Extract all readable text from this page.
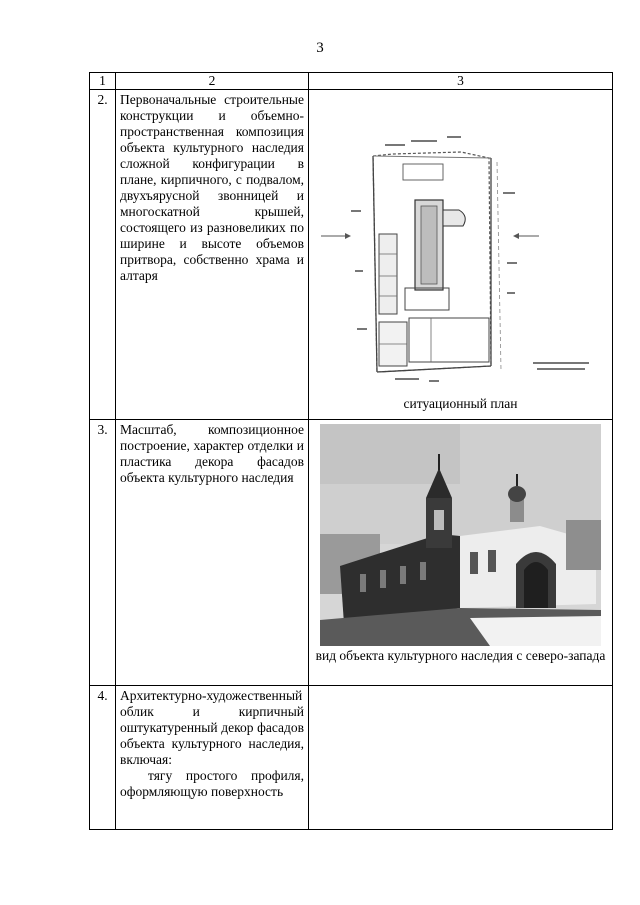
3
1	2	3
2.	Первоначальные строительные конструкции и объемно-пространственная композиция объекта культурного наследия сложной конфигурации в плане, кирпичного, с подвалом, двухъярусной звонницей и многоскатной крышей, состоящего из разновеликих по ширине и высоте объемов притвора, собственно храма и алтаря	ситуационный план

3.	Масштаб, композиционное построение, характер отделки и пластика декора фасадов объекта культурного наследия	вид объекта культурного наследия с северо-запада

4.	Архитектурно-художественный облик и кирпичный оштукатуренный декор фасадов объекта культурного наследия, включая:

тягу простого профиля, оформляющую поверхность	
